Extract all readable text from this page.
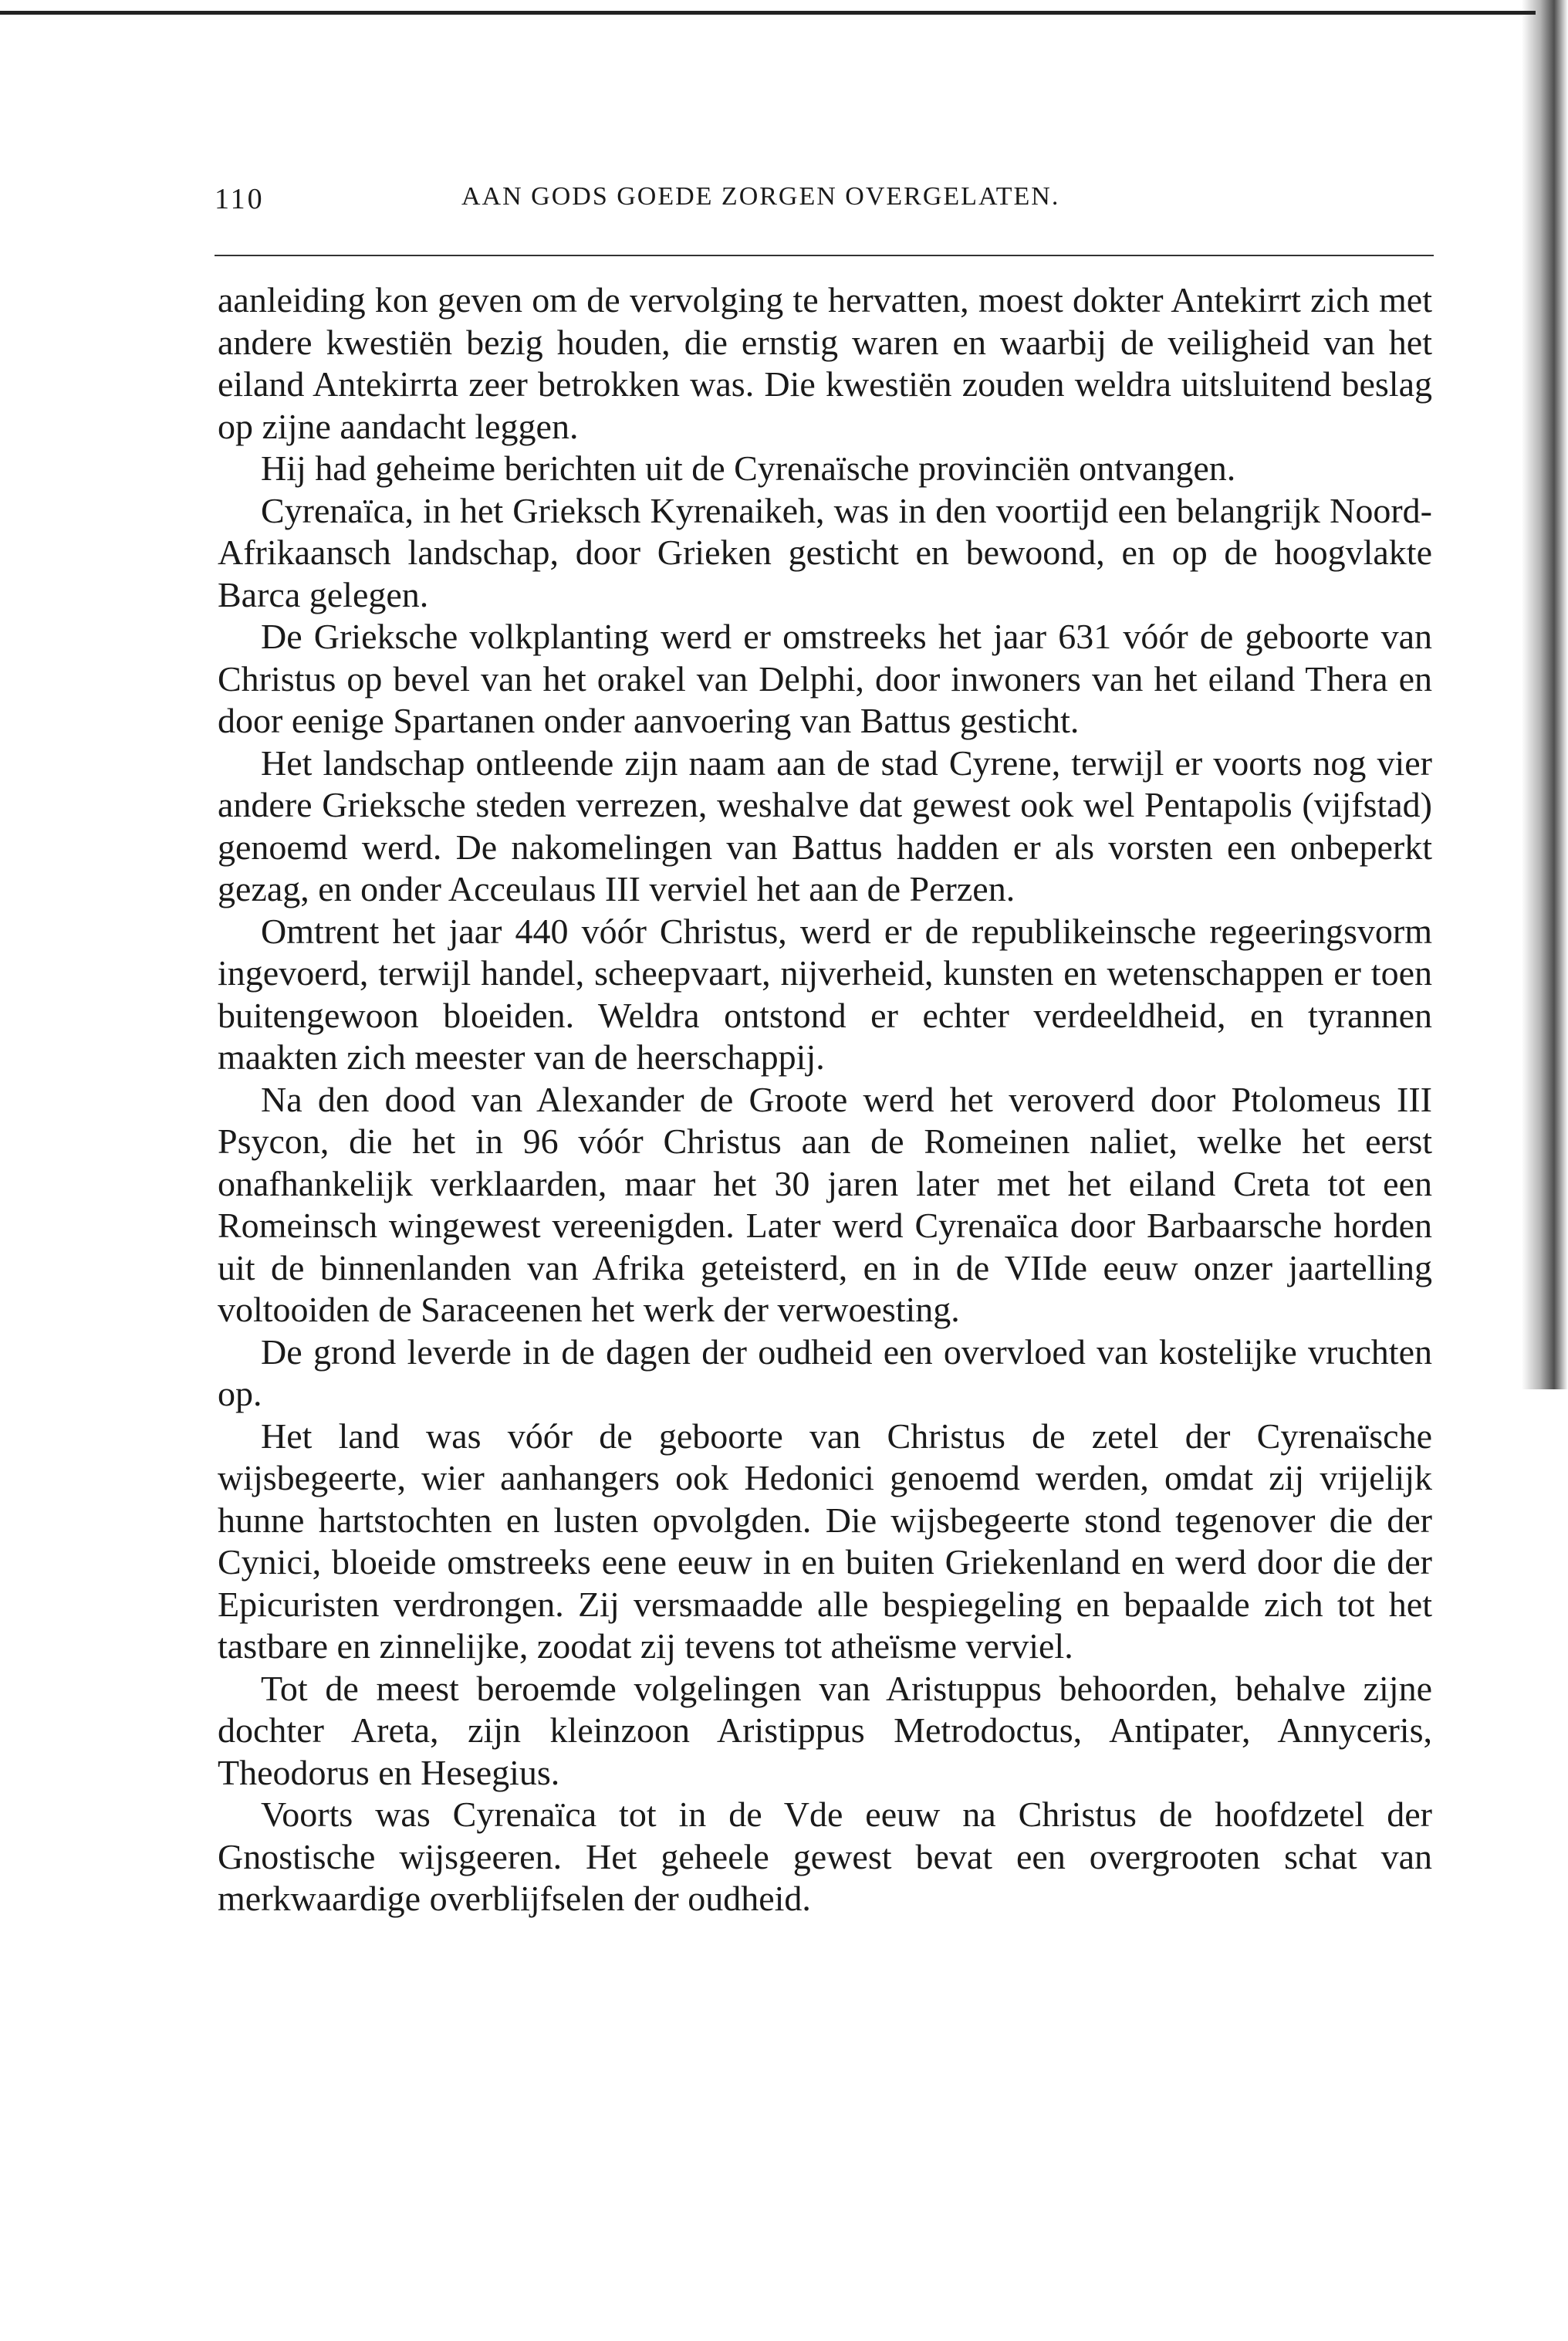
110	AAN GODS GOEDE ZORGEN OVERGELATEN.

aanleiding kon geven om de vervolging te hervatten, moest dokter Antekirrt zich met andere kwestiën bezig houden, die ernstig waren en waarbij de veiligheid van het eiland Antekirrta zeer betrokken was. Die kwestiën zouden weldra uitsluitend beslag op zijne aandacht leggen.

Hij had geheime berichten uit de Cyrenaïsche provinciën ontvangen.

Cyrenaïca, in het Grieksch Kyrenaikeh, was in den voortijd een belangrijk Noord-Afrikaansch landschap, door Grieken gesticht en bewoond, en op de hoogvlakte Barca gelegen.

De Grieksche volkplanting werd er omstreeks het jaar 631 vóór de geboorte van Christus op bevel van het orakel van Delphi, door inwoners van het eiland Thera en door eenige Spartanen onder aanvoering van Battus gesticht.

Het landschap ontleende zijn naam aan de stad Cyrene, terwijl er voorts nog vier andere Grieksche steden verrezen, weshalve dat gewest ook wel Pentapolis (vijfstad) genoemd werd. De nakomelingen van Battus hadden er als vorsten een onbeperkt gezag, en onder Acceulaus III verviel het aan de Perzen.

Omtrent het jaar 440 vóór Christus, werd er de republikeinsche regeeringsvorm ingevoerd, terwijl handel, scheepvaart, nijverheid, kunsten en wetenschappen er toen buitengewoon bloeiden. Weldra ontstond er echter verdeeldheid, en tyrannen maakten zich meester van de heerschappij.

Na den dood van Alexander de Groote werd het veroverd door Ptolomeus III Psycon, die het in 96 vóór Christus aan de Romeinen naliet, welke het eerst onafhankelijk verklaarden, maar het 30 jaren later met het eiland Creta tot een Romeinsch wingewest vereenigden. Later werd Cyrenaïca door Barbaarsche horden uit de binnenlanden van Afrika geteisterd, en in de VIIde eeuw onzer jaartelling voltooiden de Saraceenen het werk der verwoesting.

De grond leverde in de dagen der oudheid een overvloed van kostelijke vruchten op.

Het land was vóór de geboorte van Christus de zetel der Cyrenaïsche wijsbegeerte, wier aanhangers ook Hedonici genoemd werden, omdat zij vrijelijk hunne hartstochten en lusten opvolgden. Die wijsbegeerte stond tegenover die der Cynici, bloeide omstreeks eene eeuw in en buiten Griekenland en werd door die der Epicuristen verdrongen. Zij versmaadde alle bespiegeling en bepaalde zich tot het tastbare en zinnelijke, zoodat zij tevens tot atheïsme verviel.

Tot de meest beroemde volgelingen van Aristuppus behoorden, behalve zijne dochter Areta, zijn kleinzoon Aristippus Metrodoctus, Antipater, Annyceris, Theodorus en Hesegius.

Voorts was Cyrenaïca tot in de Vde eeuw na Christus de hoofdzetel der Gnostische wijsgeeren. Het geheele gewest bevat een overgrooten schat van merkwaardige overblijfselen der oudheid.
